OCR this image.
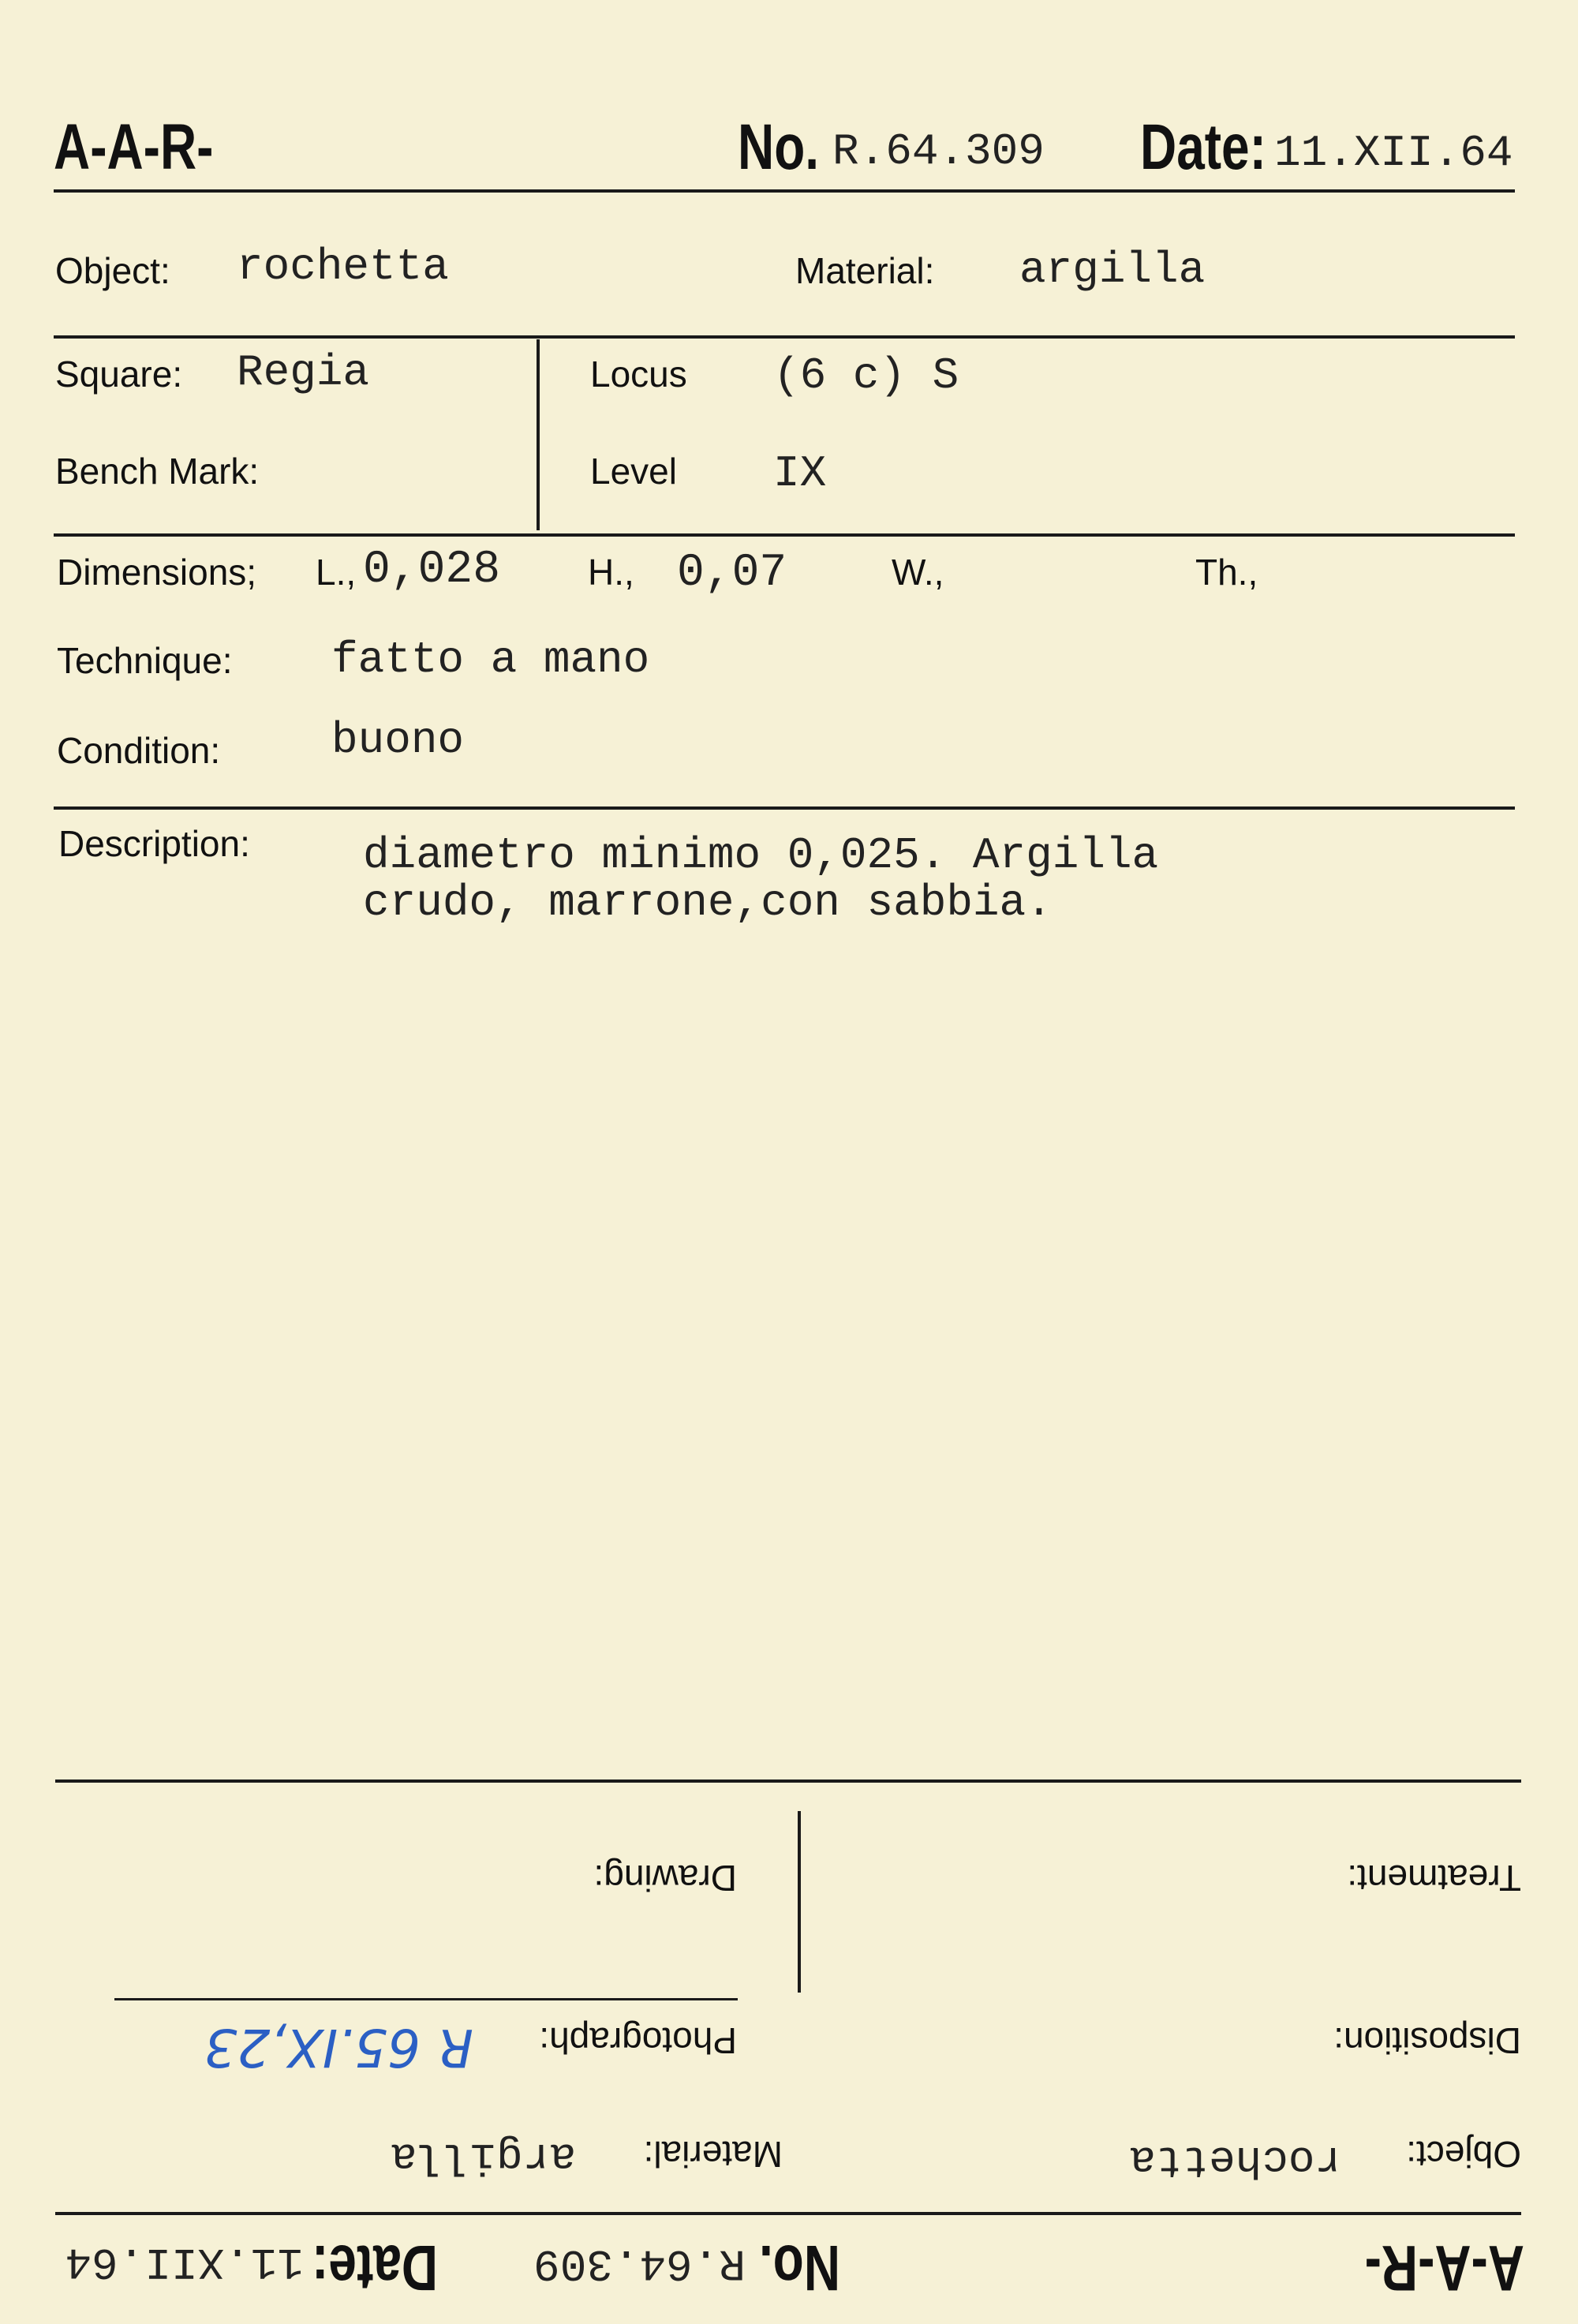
A-A-R-	No. R.64.309 Date: 11.XII.64
Object: rochetta	Material: argilla
Square: Regia
Bench Mark:
Locus (6 c) S
Level IX
Dimensions; L., 0,028 H., 0,07	W.,	Th.,
Technique: fatto a mano
Condition:	buono
Description:	diametro minimo 0,025. Argilla
crudo, marrone,con sabbia.
A-A-R-
No.
R.64.309
Date:
11.XII.64
Object:
rochetta
Material:
argilla
Disposition:
Photograph:
R 65.IX,23
Treatment:
Drawing:
